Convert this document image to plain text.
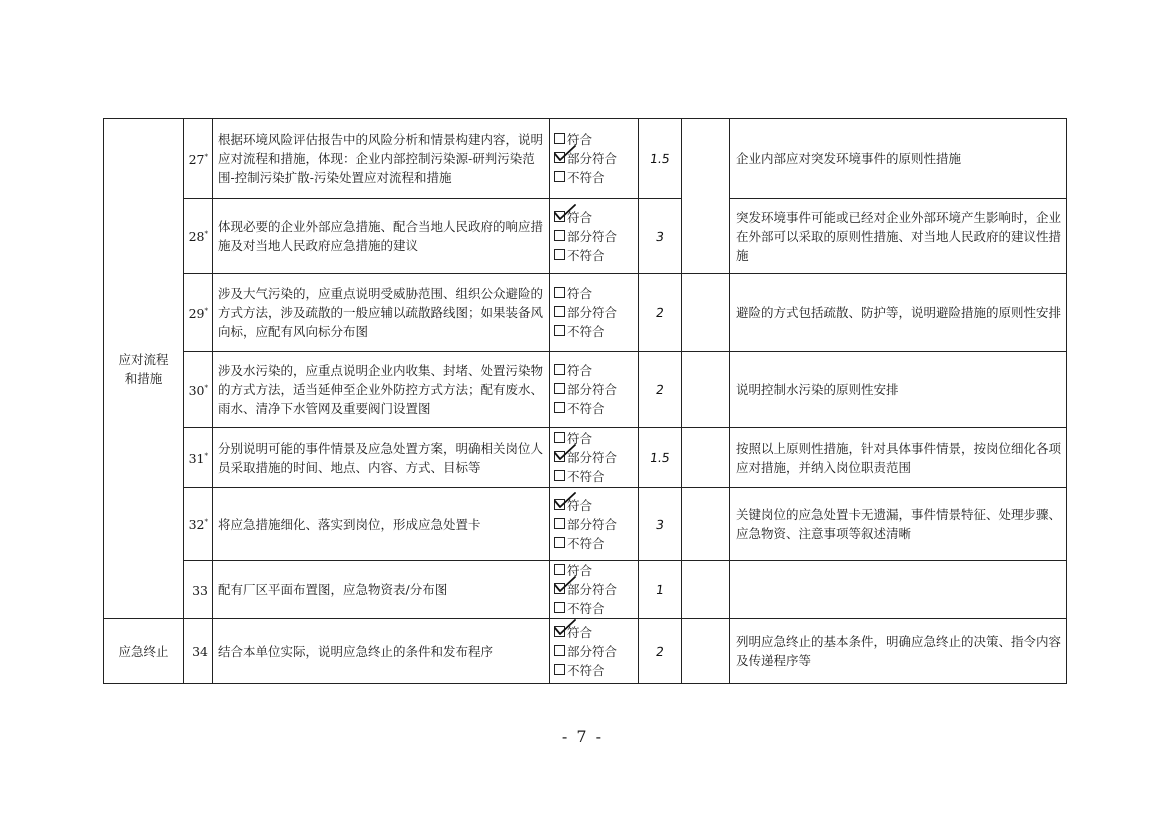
应对流程和措施	27*	根据环境风险评估报告中的风险分析和情景构建内容，说明应对流程和措施，体现：企业内部控制污染源-研判污染范围-控制污染扩散-污染处置应对流程和措施	符合
部分符合
不符合	1.5		企业内部应对突发环境事件的原则性措施
	28*	体现必要的企业外部应急措施、配合当地人民政府的响应措施及对当地人民政府应急措施的建议	符合
部分符合
不符合	3		突发环境事件可能或已经对企业外部环境产生影响时，企业在外部可以采取的原则性措施、对当地人民政府的建议性措施
	29*	涉及大气污染的，应重点说明受威胁范围、组织公众避险的方式方法，涉及疏散的一般应辅以疏散路线图；如果装备风向标，应配有风向标分布图	符合
部分符合
不符合	2		避险的方式包括疏散、防护等，说明避险措施的原则性安排
	30*	涉及水污染的，应重点说明企业内收集、封堵、处置污染物的方式方法，适当延伸至企业外防控方式方法；配有废水、雨水、清净下水管网及重要阀门设置图	符合
部分符合
不符合	2		说明控制水污染的原则性安排
	31*	分别说明可能的事件情景及应急处置方案，明确相关岗位人员采取措施的时间、地点、内容、方式、目标等	符合
部分符合
不符合	1.5		按照以上原则性措施，针对具体事件情景，按岗位细化各项应对措施，并纳入岗位职责范围
	32*	将应急措施细化、落实到岗位，形成应急处置卡	符合
部分符合
不符合	3		关键岗位的应急处置卡无遗漏，事件情景特征、处理步骤、应急物资、注意事项等叙述清晰
	33	配有厂区平面布置图，应急物资表/分布图	符合
部分符合
不符合	1		
应急终止	34	结合本单位实际，说明应急终止的条件和发布程序	符合
部分符合
不符合	2		列明应急终止的基本条件，明确应急终止的决策、指令内容及传递程序等
- 7 -
